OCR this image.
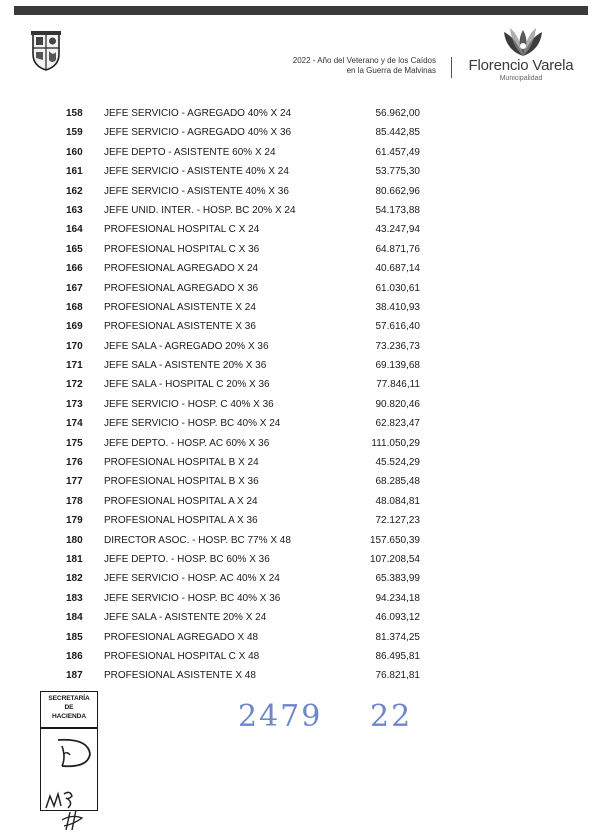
2022 - Año del Veterano y de los Caídos
en la Guerra de Malvinas	Florencio Varela
Municipalidad
158	JEFE SERVICIO - AGREGADO 40% X 24	56.962,00
159	JEFE SERVICIO - AGREGADO 40% X 36	85.442,85
160	JEFE DEPTO - ASISTENTE 60% X 24	61.457,49
161	JEFE SERVICIO - ASISTENTE 40% X 24	53.775,30
162	JEFE SERVICIO - ASISTENTE 40% X 36	80.662,96
163	JEFE UNID. INTER. - HOSP. BC 20% X 24	54.173,88
164	PROFESIONAL HOSPITAL C X 24	43.247,94
165	PROFESIONAL HOSPITAL C X 36	64.871,76
166	PROFESIONAL AGREGADO X 24	40.687,14
167	PROFESIONAL AGREGADO X 36	61.030,61
168	PROFESIONAL ASISTENTE X 24	38.410,93
169	PROFESIONAL ASISTENTE X 36	57.616,40
170	JEFE SALA - AGREGADO 20% X 36	73.236,73
171	JEFE SALA - ASISTENTE 20% X 36	69.139,68
172	JEFE SALA - HOSPITAL C 20% X 36	77.846,11
173	JEFE SERVICIO - HOSP. C 40% X 36	90.820,46
174	JEFE SERVICIO - HOSP. BC 40% X 24	62.823,47
175	JEFE DEPTO. - HOSP. AC 60% X 36	111.050,29
176	PROFESIONAL HOSPITAL B X 24	45.524,29
177	PROFESIONAL HOSPITAL B X 36	68.285,48
178	PROFESIONAL HOSPITAL A X 24	48.084,81
179	PROFESIONAL HOSPITAL A X 36	72.127,23
180	DIRECTOR ASOC. - HOSP. BC 77% X 48	157.650,39
181	JEFE DEPTO. - HOSP. BC 60% X 36	107.208,54
182	JEFE SERVICIO - HOSP. AC 40% X 24	65.383,99
183	JEFE SERVICIO - HOSP. BC 40% X 36	94.234,18
184	JEFE SALA - ASISTENTE 20% X 24	46.093,12
185	PROFESIONAL AGREGADO X 48	81.374,25
186	PROFESIONAL HOSPITAL C X 48	86.495,81
187	PROFESIONAL ASISTENTE X 48	76.821,81
SECRETARÍA
DE
HACIENDA	2479 22
